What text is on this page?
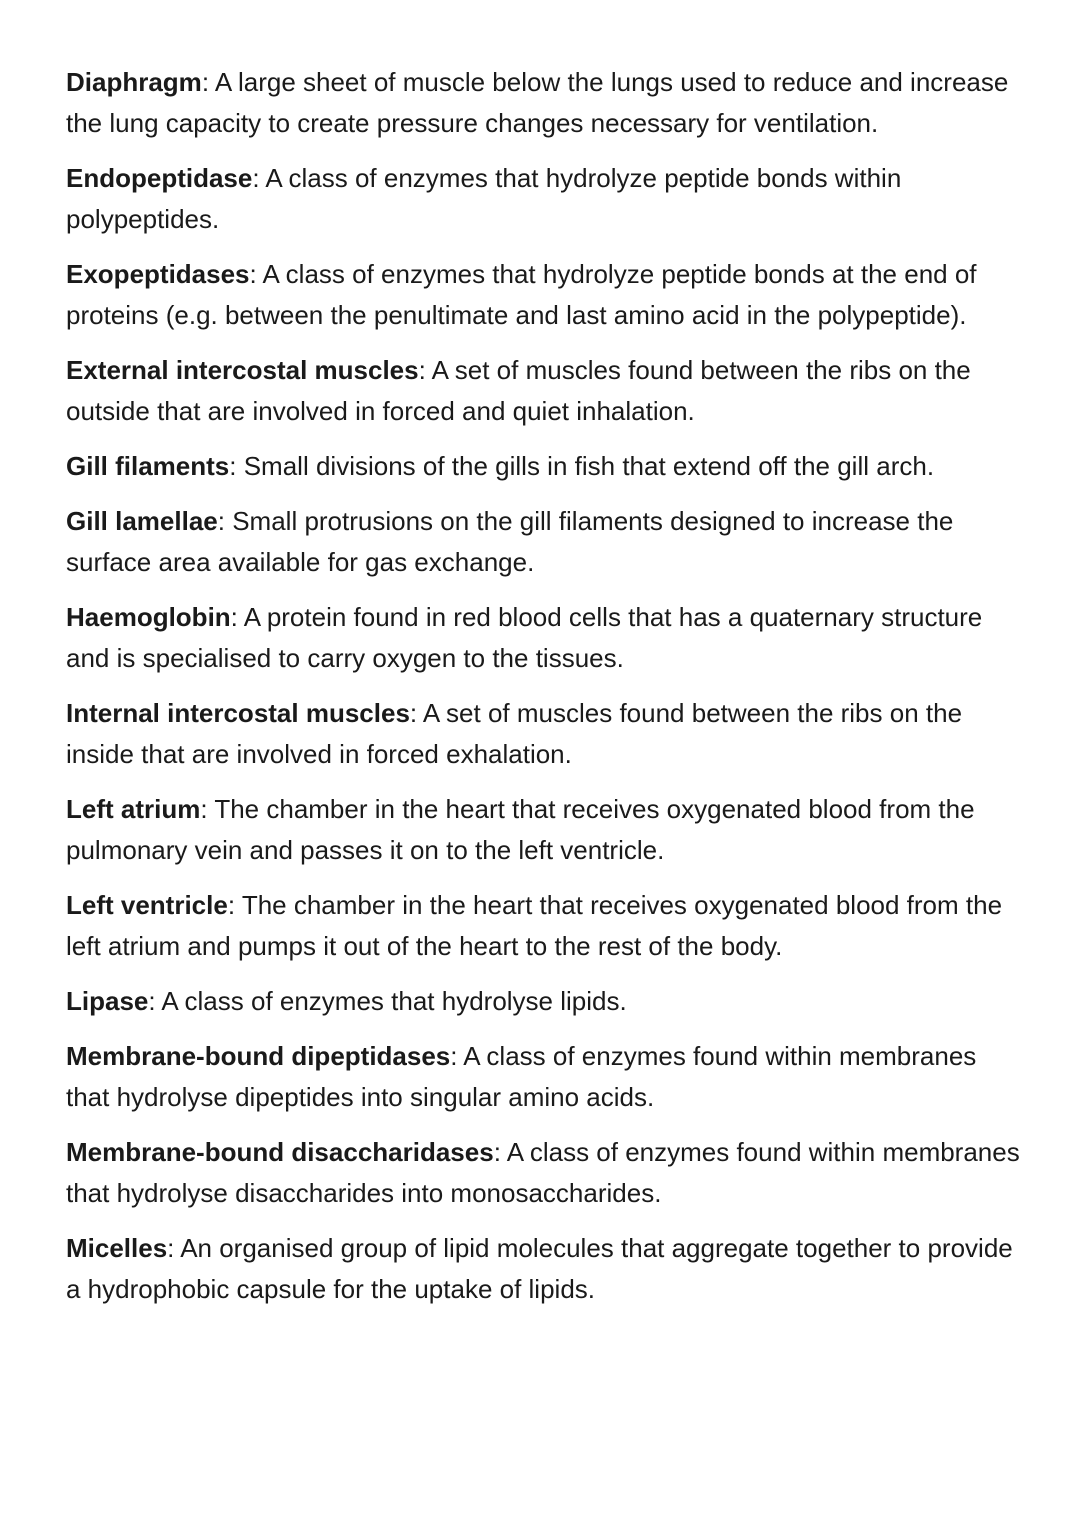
Diaphragm: A large sheet of muscle below the lungs used to reduce and increase the lung capacity to create pressure changes necessary for ventilation.

Endopeptidase: A class of enzymes that hydrolyze peptide bonds within polypeptides.

Exopeptidases: A class of enzymes that hydrolyze peptide bonds at the end of proteins (e.g. between the penultimate and last amino acid in the polypeptide).

External intercostal muscles: A set of muscles found between the ribs on the outside that are involved in forced and quiet inhalation.

Gill filaments: Small divisions of the gills in fish that extend off the gill arch.

Gill lamellae: Small protrusions on the gill filaments designed to increase the surface area available for gas exchange.

Haemoglobin: A protein found in red blood cells that has a quaternary structure and is specialised to carry oxygen to the tissues.

Internal intercostal muscles: A set of muscles found between the ribs on the inside that are involved in forced exhalation.

Left atrium: The chamber in the heart that receives oxygenated blood from the pulmonary vein and passes it on to the left ventricle.

Left ventricle: The chamber in the heart that receives oxygenated blood from the left atrium and pumps it out of the heart to the rest of the body.

Lipase: A class of enzymes that hydrolyse lipids.

Membrane-bound dipeptidases: A class of enzymes found within membranes that hydrolyse dipeptides into singular amino acids.

Membrane-bound disaccharidases: A class of enzymes found within membranes that hydrolyse disaccharides into monosaccharides.

Micelles: An organised group of lipid molecules that aggregate together to provide a hydrophobic capsule for the uptake of lipids.
